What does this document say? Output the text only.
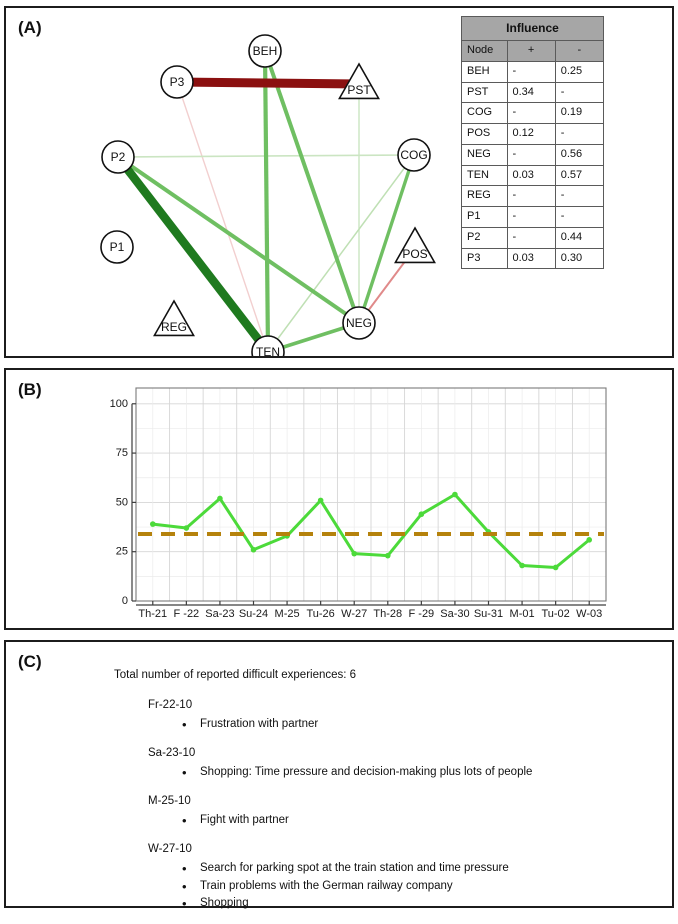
(A)
BEH
PST
P3
P2	COG
POS
P1
REG	NEG
TEN
Influence		
Node	+	-
BEH	-	0.25
PST	0.34	-
COG	-	0.19
POS	0.12	-
NEG	-	0.56
TEN	0.03	0.57
REG	-	-
P1	-	-
P2	-	0.44
P3	0.03	0.30
(B)
0
25
50
75
100
Th-21 F -22 Sa-23 Su-24 M-25 Tu-26 W-27 Th-28 F -29 Sa-30 Su-31 M-01 Tu-02 W-03
(C)

Total number of reported difficult experiences: 6

Fr-22-10
• Frustration with partner
Sa-23-10
• Shopping: Time pressure and decision-making plus lots of people
M-25-10
• Fight with partner
W-27-10
• Search for parking spot at the train station and time pressure
• Train problems with the German railway company
• Shopping
